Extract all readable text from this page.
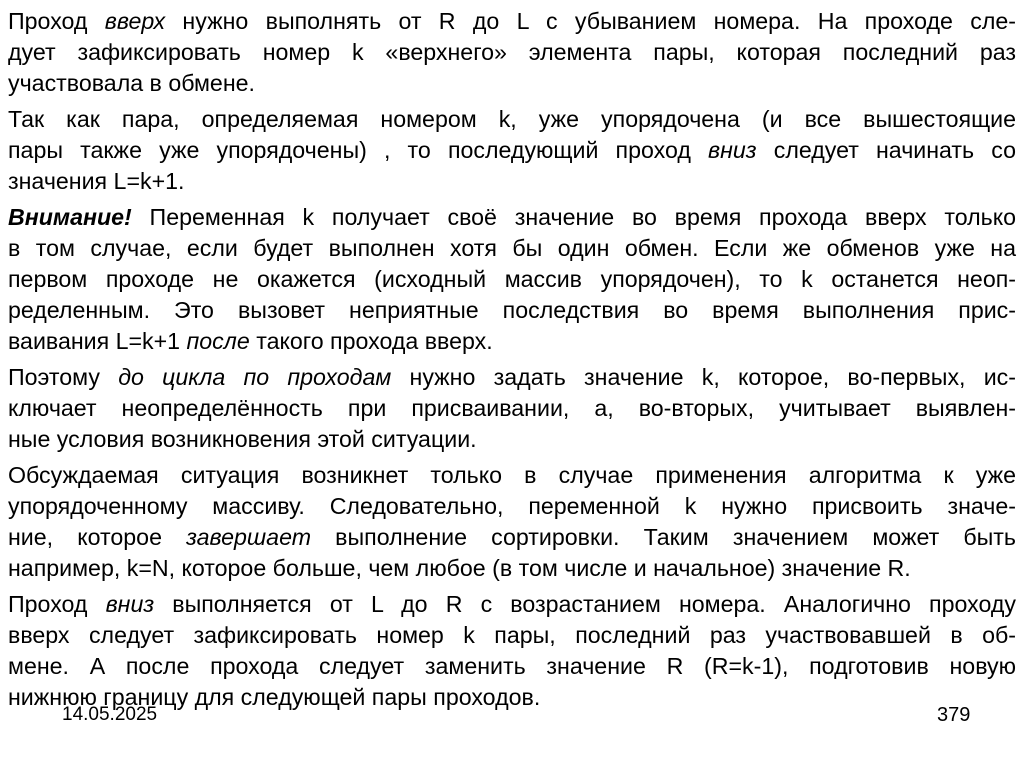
Проход вверх нужно выполнять от R до L с убыванием номера. На проходе сле-
дует зафиксировать номер k «верхнего» элемента пары, которая последний раз
участвовала в обмене.
Так как пара, определяемая номером k, уже упорядочена (и все вышестоящие
пары также уже упорядочены) , то последующий проход вниз следует начинать со
значения L=k+1.
Внимание! Переменная k получает своё значение во время прохода вверх только
в том случае, если будет выполнен хотя бы один обмен. Если же обменов уже на
первом проходе не окажется (исходный массив упорядочен), то k останется неоп-
ределенным. Это вызовет неприятные последствия во время выполнения прис-
ваивания L=k+1 после такого прохода вверх.
Поэтому до цикла по проходам нужно задать значение k, которое, во-первых, ис-
ключает неопределённость при присваивании, а, во-вторых, учитывает выявлен-
ные условия возникновения этой ситуации.
Обсуждаемая ситуация возникнет только в случае применения алгоритма к уже
упорядоченному массиву. Следовательно, переменной k нужно присвоить значе-
ние, которое завершает выполнение сортировки. Таким значением может быть
например, k=N, которое больше, чем любое (в том числе и начальное) значение R.
Проход вниз выполняется от L до R с возрастанием номера. Аналогично проходу
вверх следует зафиксировать номер k пары, последний раз участвовавшей в об-
мене. А после прохода следует заменить значение R (R=k-1), подготовив новую
нижнюю границу для следующей пары проходов.
14.05.2025	379
